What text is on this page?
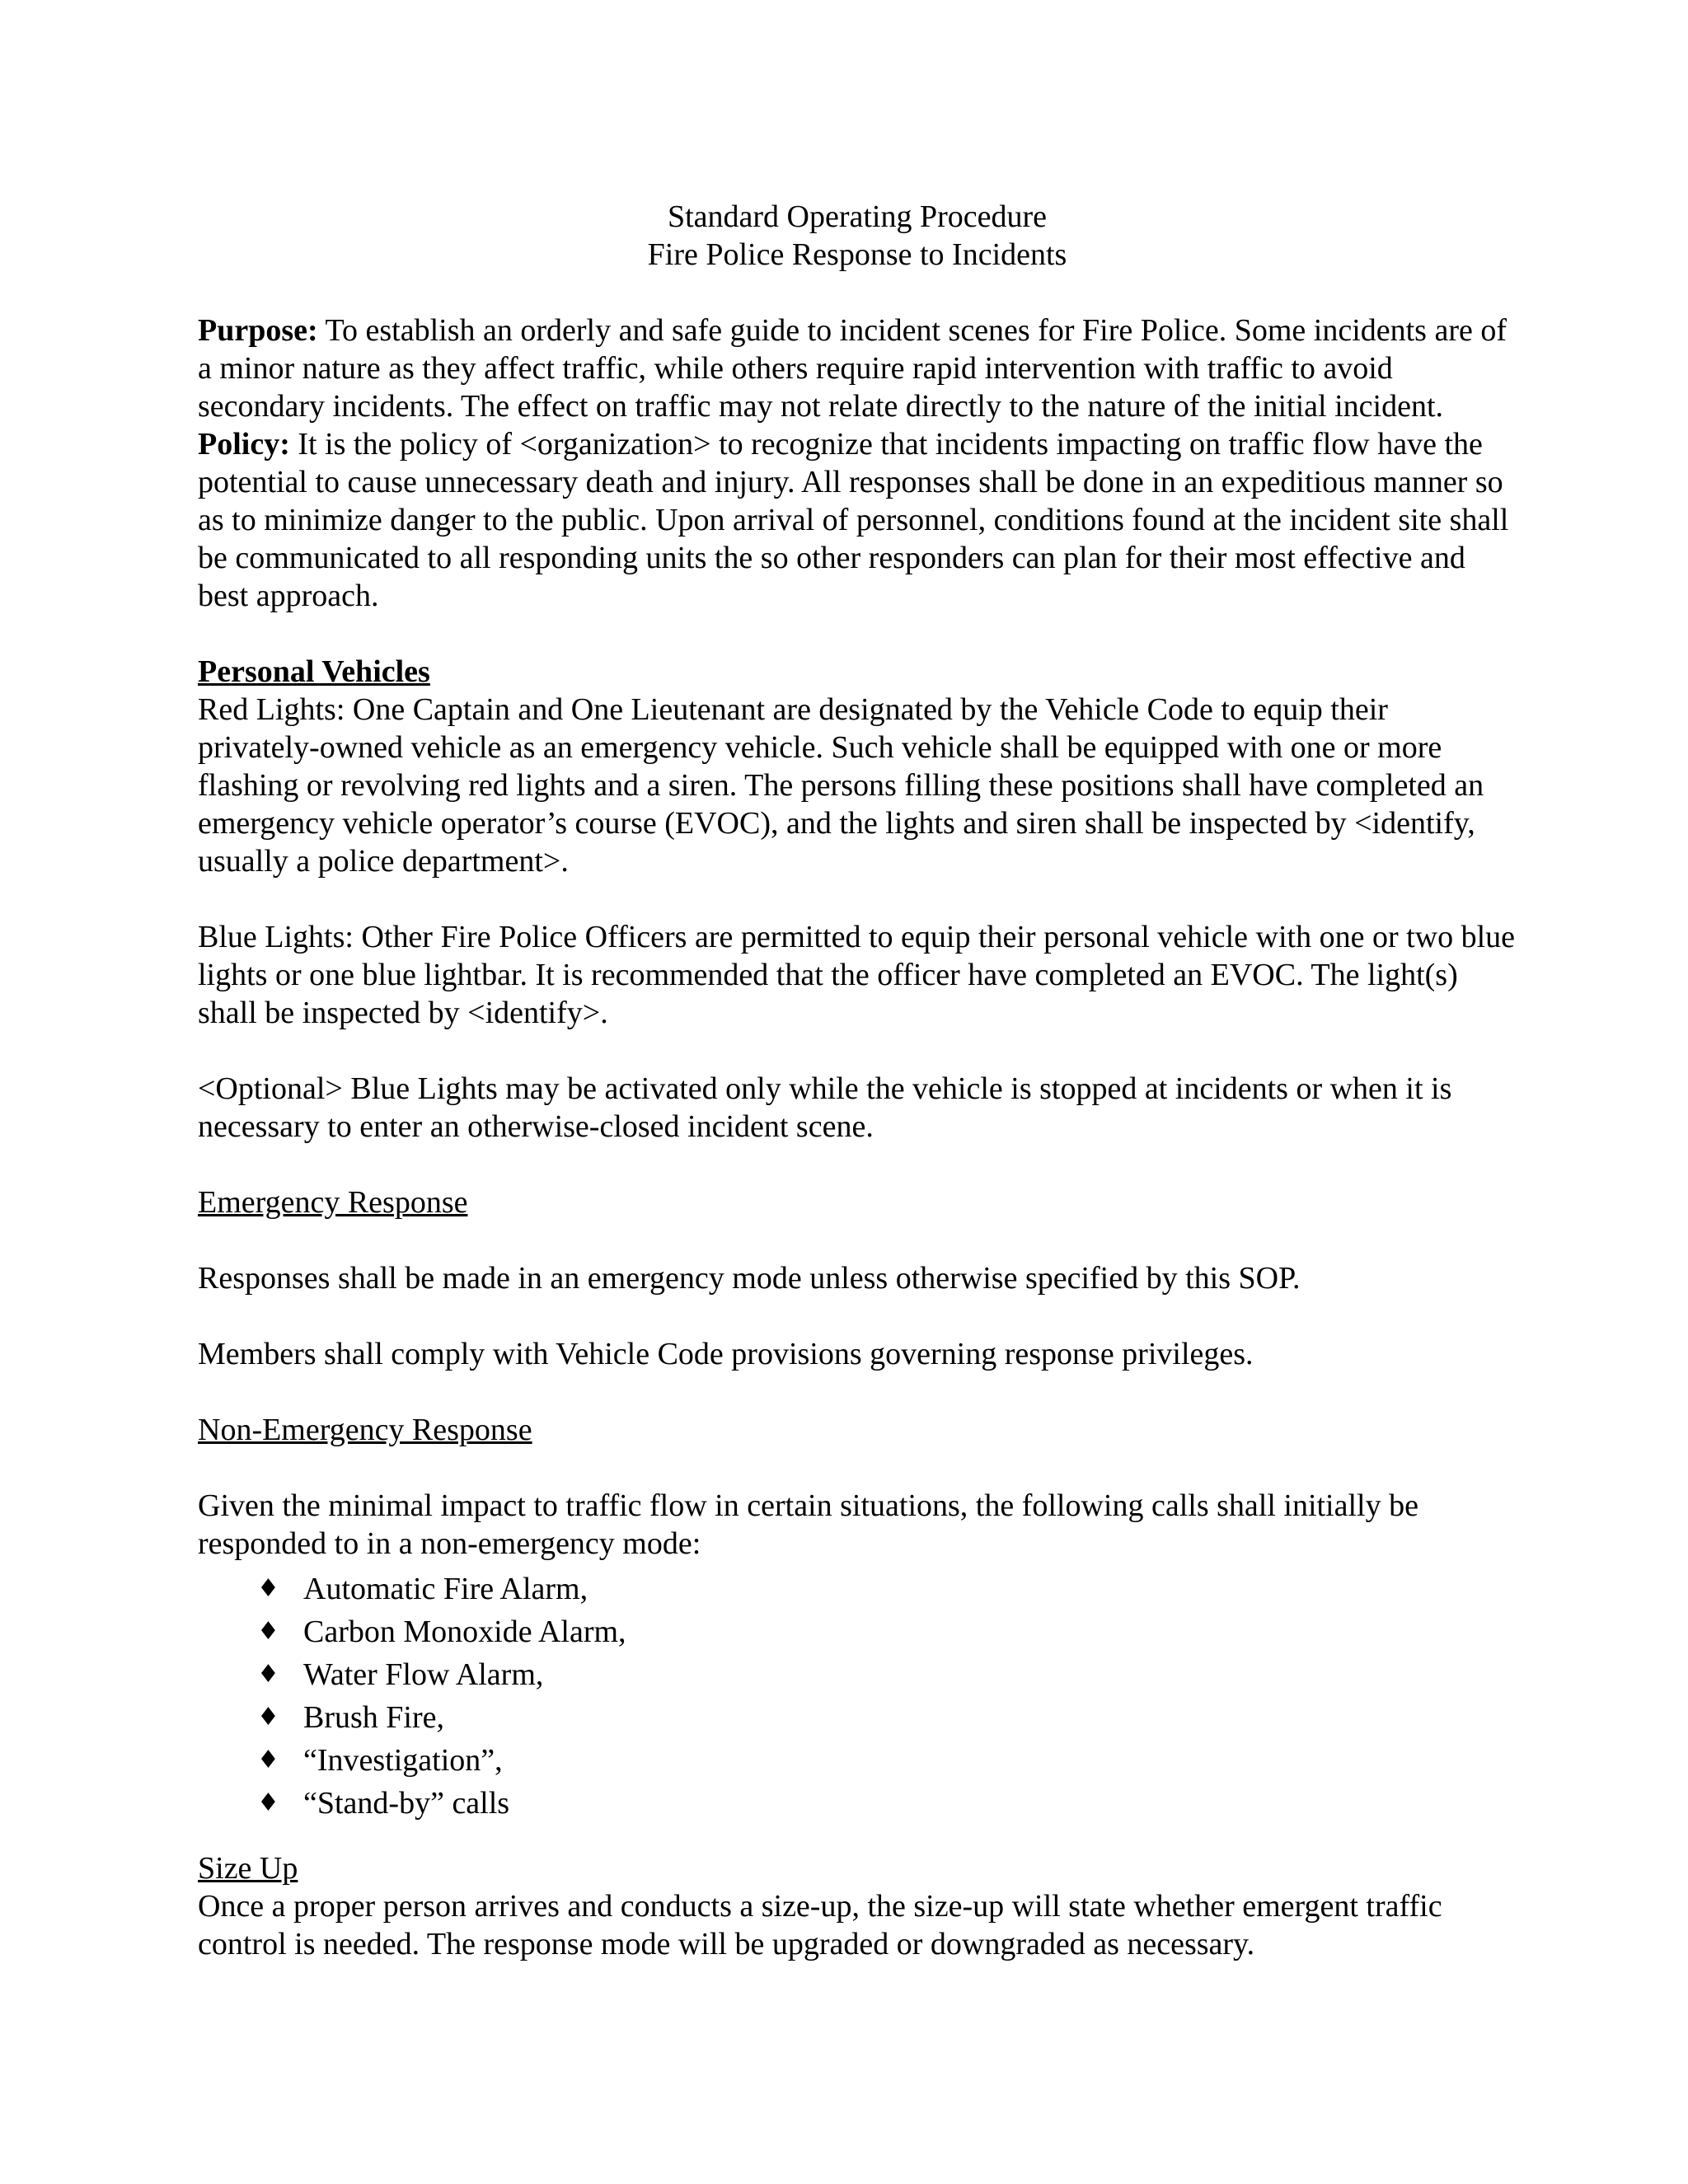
Standard Operating Procedure
Fire Police Response to Incidents

Purpose: To establish an orderly and safe guide to incident scenes for Fire Police. Some incidents are of a minor nature as they affect traffic, while others require rapid intervention with traffic to avoid secondary incidents. The effect on traffic may not relate directly to the nature of the initial incident.

Policy: It is the policy of <organization> to recognize that incidents impacting on traffic flow have the potential to cause unnecessary death and injury. All responses shall be done in an expeditious manner so as to minimize danger to the public. Upon arrival of personnel, conditions found at the incident site shall be communicated to all responding units the so other responders can plan for their most effective and best approach.

Personal Vehicles

Red Lights: One Captain and One Lieutenant are designated by the Vehicle Code to equip their privately-owned vehicle as an emergency vehicle. Such vehicle shall be equipped with one or more flashing or revolving red lights and a siren. The persons filling these positions shall have completed an emergency vehicle operator’s course (EVOC), and the lights and siren shall be inspected by <identify, usually a police department>.

Blue Lights: Other Fire Police Officers are permitted to equip their personal vehicle with one or two blue lights or one blue lightbar. It is recommended that the officer have completed an EVOC. The light(s) shall be inspected by <identify>.

<Optional> Blue Lights may be activated only while the vehicle is stopped at incidents or when it is necessary to enter an otherwise-closed incident scene.

Emergency Response

Responses shall be made in an emergency mode unless otherwise specified by this SOP.

Members shall comply with Vehicle Code provisions governing response privileges.

Non-Emergency Response

Given the minimal impact to traffic flow in certain situations, the following calls shall initially be responded to in a non-emergency mode:

♦ Automatic Fire Alarm,
♦ Carbon Monoxide Alarm,
♦ Water Flow Alarm,
♦ Brush Fire,
♦ “Investigation”,
♦ “Stand-by” calls

Size Up

Once a proper person arrives and conducts a size-up, the size-up will state whether emergent traffic control is needed. The response mode will be upgraded or downgraded as necessary.
